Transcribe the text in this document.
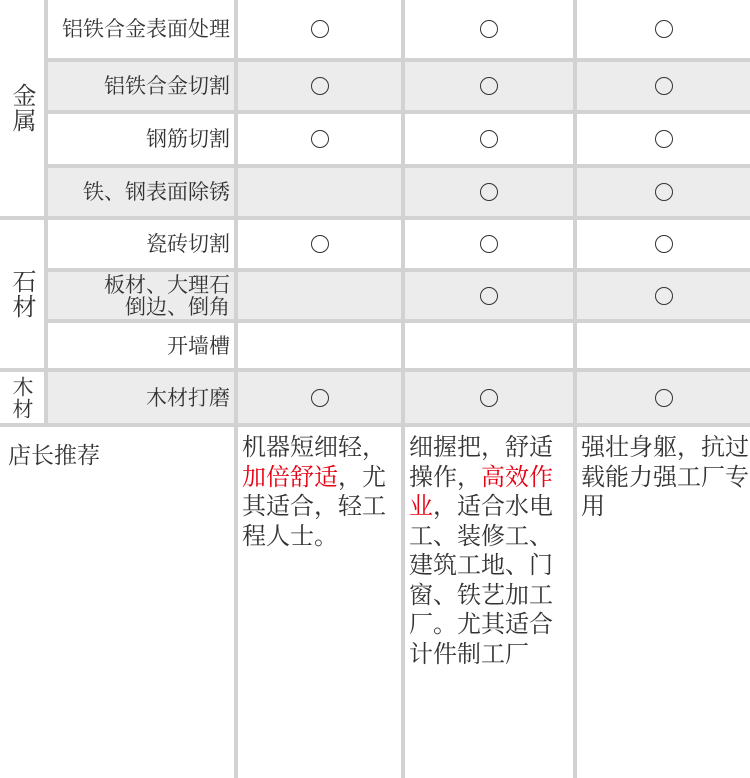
金属
石材
木材
铝铁合金表面处理
铝铁合金切割
钢筋切割
铁、钢表面除锈
瓷砖切割
板材、大理石
倒边、倒角
开墙槽
木材打磨
店长推荐	机器短细轻，加倍舒适，尤其适合，轻工程人士。
细握把，舒适操作，高效作业，适合水电工、装修工、建筑工地、门窗、铁艺加工厂。尤其适合计件制工厂
强壮身躯，抗过载能力强工厂专用
